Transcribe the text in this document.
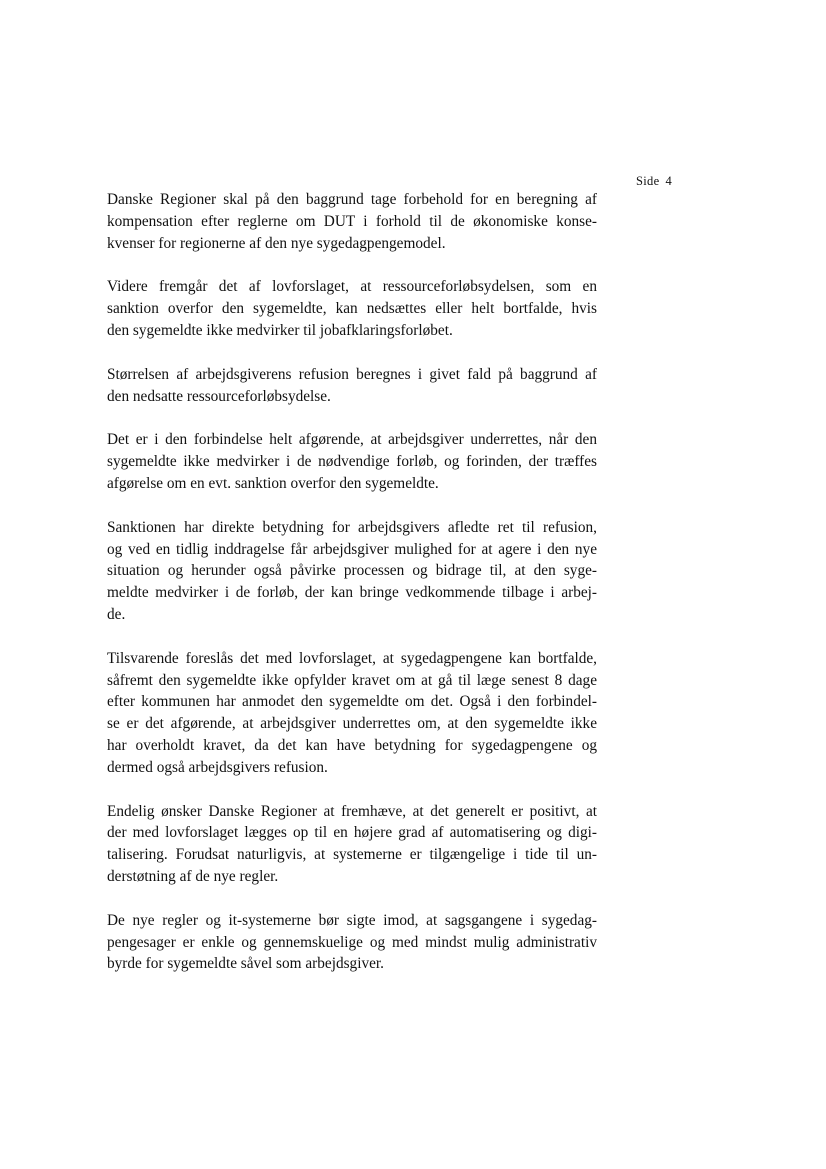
Side 4

Danske Regioner skal på den baggrund tage forbehold for en beregning af
kompensation efter reglerne om DUT i forhold til de økonomiske konse-
kvenser for regionerne af den nye sygedagpengemodel.

Videre fremgår det af lovforslaget, at ressourceforløbsydelsen, som en
sanktion overfor den sygemeldte, kan nedsættes eller helt bortfalde, hvis
den sygemeldte ikke medvirker til jobafklaringsforløbet.

Størrelsen af arbejdsgiverens refusion beregnes i givet fald på baggrund af
den nedsatte ressourceforløbsydelse.

Det er i den forbindelse helt afgørende, at arbejdsgiver underrettes, når den
sygemeldte ikke medvirker i de nødvendige forløb, og forinden, der træffes
afgørelse om en evt. sanktion overfor den sygemeldte.

Sanktionen har direkte betydning for arbejdsgivers afledte ret til refusion,
og ved en tidlig inddragelse får arbejdsgiver mulighed for at agere i den nye
situation og herunder også påvirke processen og bidrage til, at den syge-
meldte medvirker i de forløb, der kan bringe vedkommende tilbage i arbej-
de.

Tilsvarende foreslås det med lovforslaget, at sygedagpengene kan bortfalde,
såfremt den sygemeldte ikke opfylder kravet om at gå til læge senest 8 dage
efter kommunen har anmodet den sygemeldte om det. Også i den forbindel-
se er det afgørende, at arbejdsgiver underrettes om, at den sygemeldte ikke
har overholdt kravet, da det kan have betydning for sygedagpengene og
dermed også arbejdsgivers refusion.

Endelig ønsker Danske Regioner at fremhæve, at det generelt er positivt, at
der med lovforslaget lægges op til en højere grad af automatisering og digi-
talisering. Forudsat naturligvis, at systemerne er tilgængelige i tide til un-
derstøtning af de nye regler.

De nye regler og it-systemerne bør sigte imod, at sagsgangene i sygedag-
pengesager er enkle og gennemskuelige og med mindst mulig administrativ
byrde for sygemeldte såvel som arbejdsgiver.
